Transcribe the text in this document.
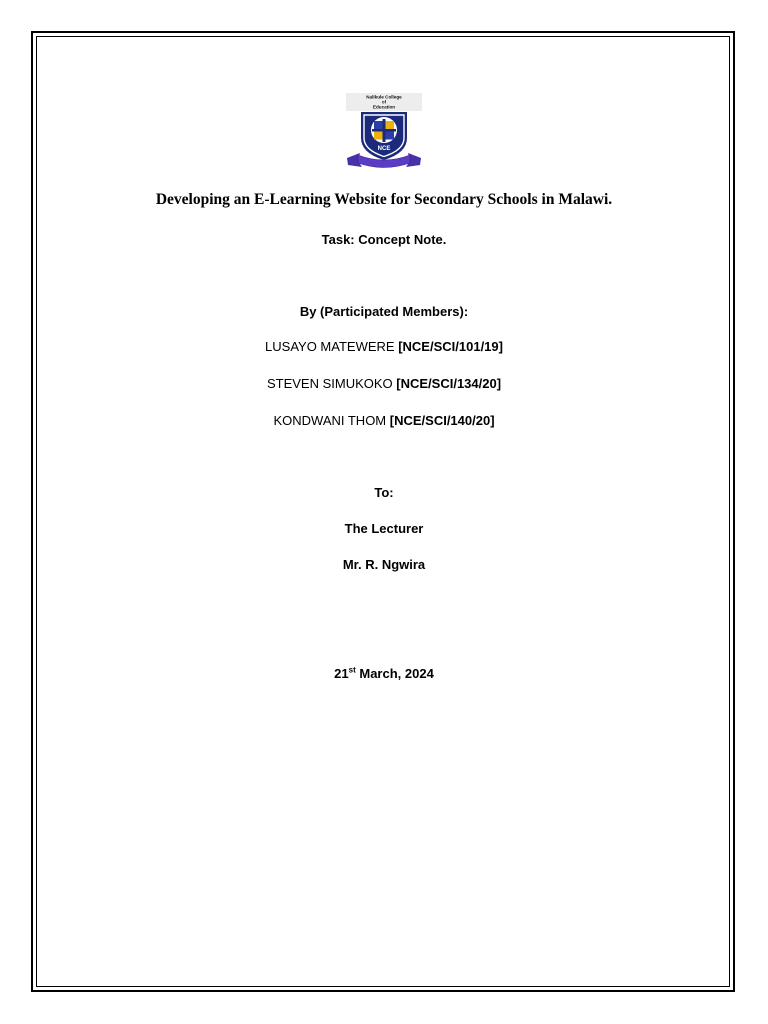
Nalikule College
of
Education
NCE
Developing an E-Learning Website for Secondary Schools in Malawi.
Task: Concept Note.
By (Participated Members):
LUSAYO MATEWERE [NCE/SCI/101/19]
STEVEN SIMUKOKO [NCE/SCI/134/20]
KONDWANI THOM [NCE/SCI/140/20]
To:
The Lecturer
Mr. R. Ngwira
21st March, 2024
